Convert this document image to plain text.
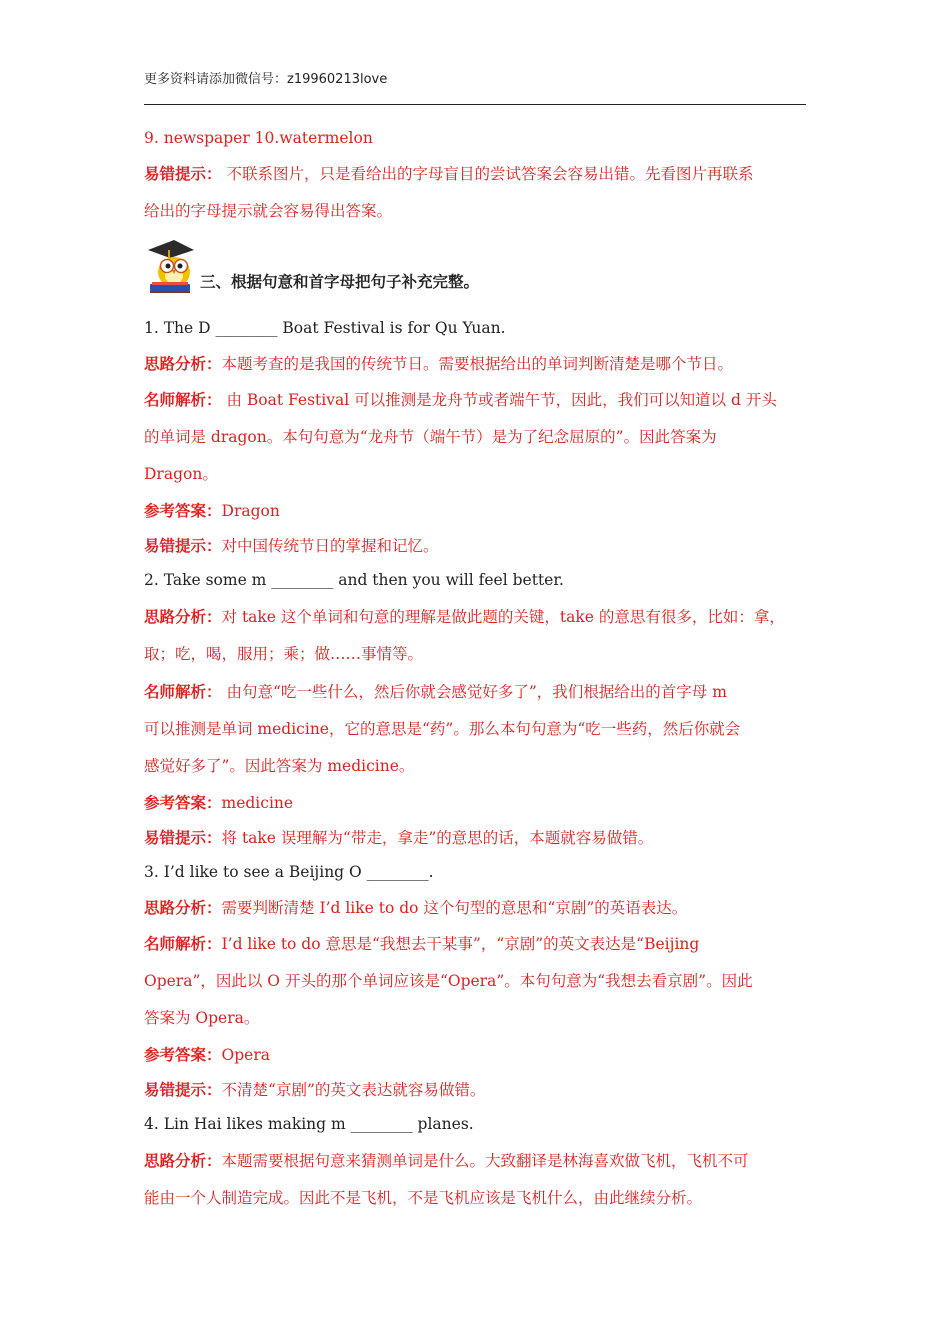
更多资料请添加微信号：z19960213love
9. newspaper 10.watermelon
易错提示： 不联系图片，只是看给出的字母盲目的尝试答案会容易出错。先看图片再联系
给出的字母提示就会容易得出答案。
三、根据句意和首字母把句子补充完整。
1. The D ________ Boat Festival is for Qu Yuan.
思路分析：本题考查的是我国的传统节日。需要根据给出的单词判断清楚是哪个节日。
名师解析： 由 Boat Festival 可以推测是龙舟节或者端午节，因此，我们可以知道以 d 开头
的单词是 dragon。本句句意为“龙舟节（端午节）是为了纪念屈原的”。因此答案为
Dragon。
参考答案：Dragon
易错提示：对中国传统节日的掌握和记忆。
2. Take some m ________ and then you will feel better.
思路分析：对 take 这个单词和句意的理解是做此题的关键，take 的意思有很多，比如：拿，
取；吃，喝，服用；乘；做……事情等。
名师解析： 由句意“吃一些什么，然后你就会感觉好多了”，我们根据给出的首字母 m
可以推测是单词 medicine，它的意思是“药”。那么本句句意为“吃一些药，然后你就会
感觉好多了”。因此答案为 medicine。
参考答案：medicine
易错提示：将 take 误理解为“带走，拿走”的意思的话，本题就容易做错。
3. I’d like to see a Beijing O ________.
思路分析：需要判断清楚 I’d like to do 这个句型的意思和“京剧”的英语表达。
名师解析：I’d like to do 意思是“我想去干某事”，“京剧”的英文表达是“Beijing
Opera”，因此以 O 开头的那个单词应该是“Opera”。本句句意为“我想去看京剧”。因此
答案为 Opera。
参考答案：Opera
易错提示：不清楚“京剧”的英文表达就容易做错。
4. Lin Hai likes making m ________ planes.
思路分析：本题需要根据句意来猜测单词是什么。大致翻译是林海喜欢做飞机，飞机不可
能由一个人制造完成。因此不是飞机，不是飞机应该是飞机什么，由此继续分析。
